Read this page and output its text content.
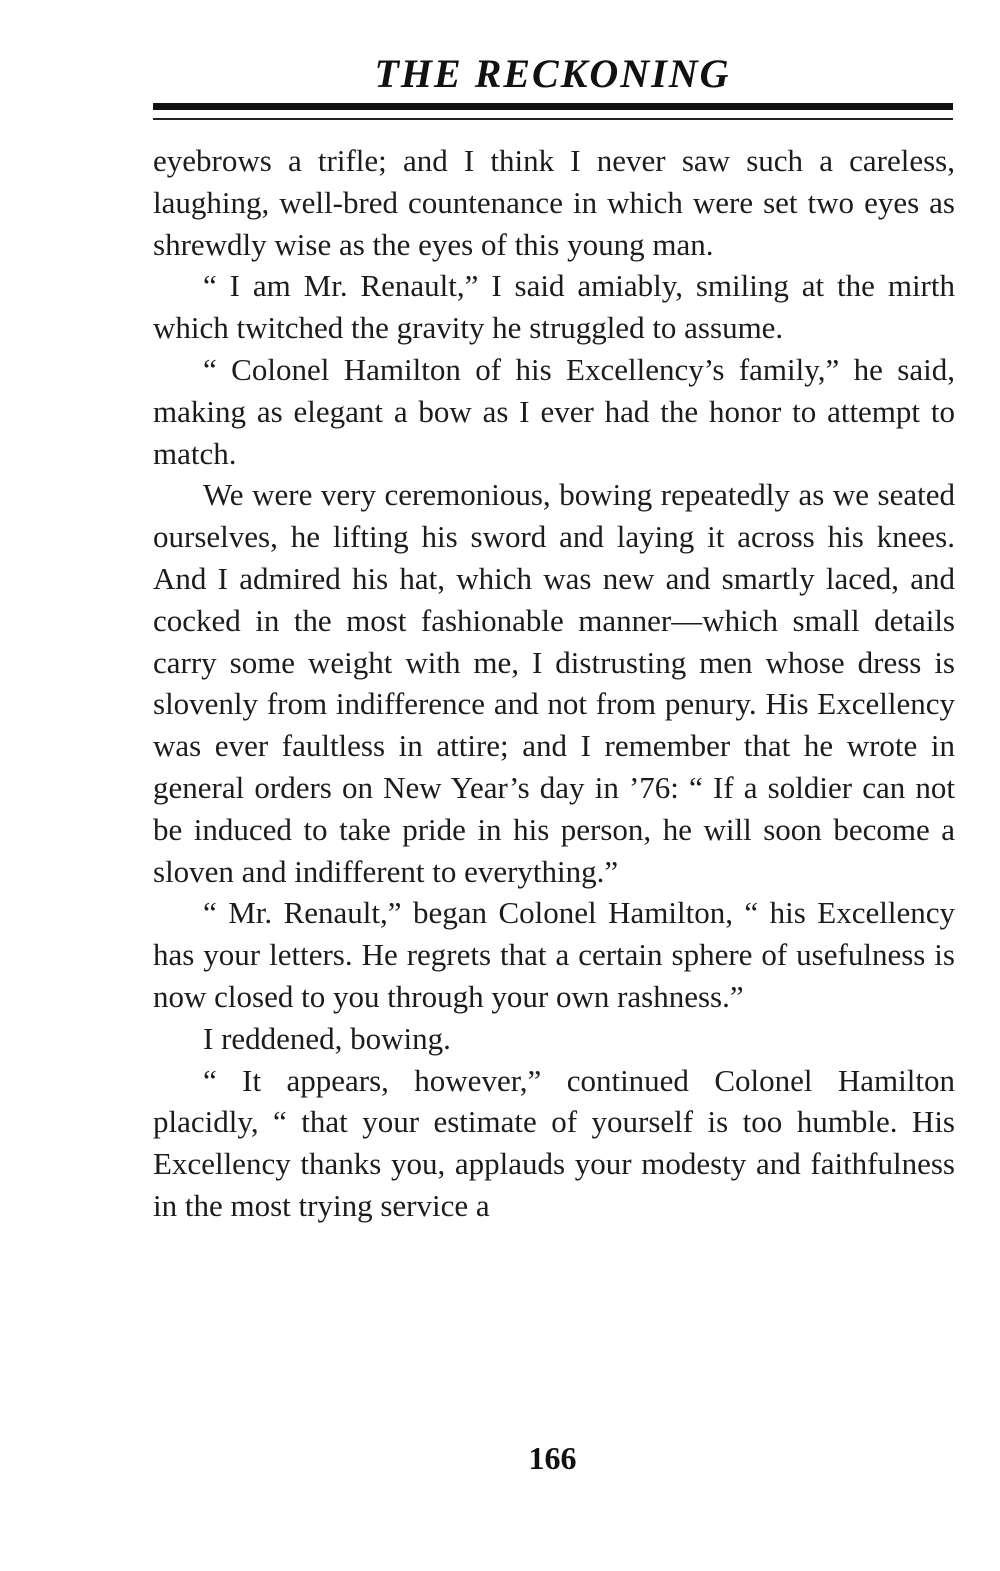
THE RECKONING

eyebrows a trifle; and I think I never saw such a careless, laughing, well-bred countenance in which were set two eyes as shrewdly wise as the eyes of this young man.

“ I am Mr. Renault,” I said amiably, smiling at the mirth which twitched the gravity he struggled to assume.

“ Colonel Hamilton of his Excellency’s family,” he said, making as elegant a bow as I ever had the honor to attempt to match.

We were very ceremonious, bowing repeatedly as we seated ourselves, he lifting his sword and laying it across his knees. And I admired his hat, which was new and smartly laced, and cocked in the most fashionable manner—which small details carry some weight with me, I distrusting men whose dress is slovenly from indifference and not from penury. His Excellency was ever faultless in attire; and I remember that he wrote in general orders on New Year’s day in ’76: “ If a soldier can not be induced to take pride in his person, he will soon become a sloven and indifferent to everything.”

“ Mr. Renault,” began Colonel Hamilton, “ his Excellency has your letters. He regrets that a certain sphere of usefulness is now closed to you through your own rashness.”

I reddened, bowing.

“ It appears, however,” continued Colonel Hamilton placidly, “ that your estimate of yourself is too humble. His Excellency thanks you, applauds your modesty and faithfulness in the most trying service a

166
